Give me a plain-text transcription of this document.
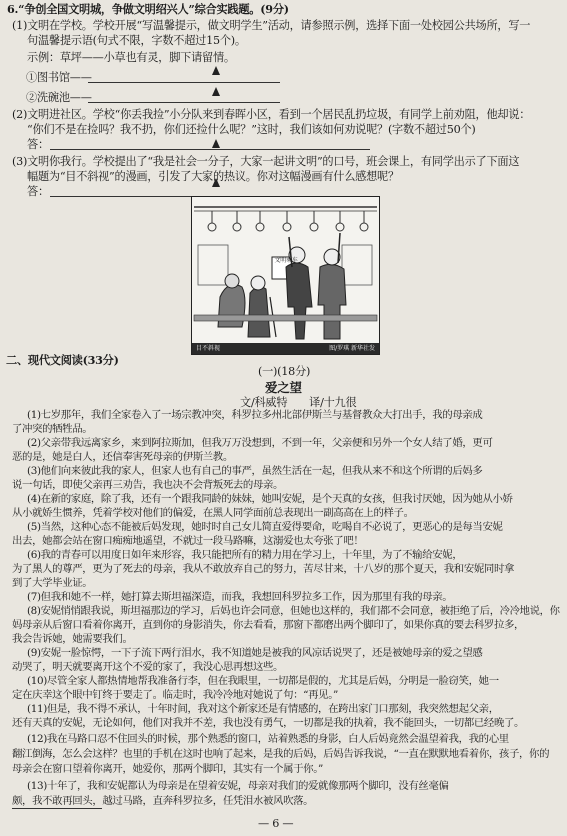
6.“争创全国文明城，争做文明绍兴人”综合实践题。(9分)
(1)文明在学校。学校开展“写温馨提示，做文明学生”活动，请参照示例，选择下面一处校园公共场所，写一
句温馨提示语(句式不限，字数不超过15个)。
示例：草坪——小草也有灵，脚下请留情。
①图书馆——
②洗碗池——
(2)文明进社区。学校“你丢我捡”小分队来到春晖小区，看到一个居民乱扔垃圾，有同学上前劝阻，他却说：
“你们不是在捡吗？我不扔，你们还捡什么呢？”这时，我们该如何劝说呢？(字数不超过50个)
答：
(3)文明你我行。学校提出了“我是社会一分子，大家一起讲文明”的口号，班会课上，有同学出示了下面这
幅题为“目不斜视”的漫画，引发了大家的热议。你对这幅漫画有什么感想呢？
答：
文明乘车
目不斜视	图/罗琪 新华社发
二、现代文阅读(33分)
(一)(18分)
爱之望
文/科威特　　译/十九很
(1)七岁那年，我们全家卷入了一场宗教冲突，科罗拉多州北部伊斯兰与基督教众大打出手，我的母亲成
了冲突的牺牲品。
(2)父亲带我远离家乡，来到阿拉斯加，但我万万没想到，不到一年，父亲便和另外一个女人结了婚，更可
恶的是，她是白人，还信奉害死母亲的伊斯兰教。
(3)他们向来彼此我的家人，但家人也有自己的事严，虽然生活在一起，但我从来不和这个所谓的后妈多
说一句话，即使父亲再三劝告，我也决不会背叛死去的母亲。
(4)在新的家庭，除了我，还有一个跟我同龄的妹妹，她叫安妮，是个天真的女孩，但我讨厌她，因为她从小娇
从小就娇生惯养，凭着学校对他们的偏爱，在黑人同学面前总表现出一副高高在上的样子。
(5)当然，这种心态不能被后妈发现，她时时自己女儿简直爱得要命，吃喝自不必说了，更恶心的是每当安妮
出去，她都会站在窗口痴痴地遥望，不就过一段马路嘛，这溺爱也太夸张了吧！
(6)我的青春可以用度日如年来形容，我只能把所有的精力用在学习上，十年里，为了不输给安妮，
为了黑人的尊严，更为了死去的母亲，我从不敢放弃自己的努力，苦尽甘来，十八岁的那个夏天，我和安妮同时拿
到了大学毕业证。
(7)但我和她不一样，她打算去斯坦福深造，而我，我想回科罗拉多工作，因为那里有我的母亲。
(8)安妮悄悄跟我说，斯坦福那边的学习，后妈也许会同意，但她也这样的，我们都不会同意，被拒绝了后，冷冷地说，你
妈母亲从后窗口看着你离开，直到你的身影消失，你去看看，那窗下都磨出两个脚印了，如果你真的要去科罗拉多，
我会告诉她，她需要我们。
(9)安妮一脸惊愕，一下子流下两行泪水，我不知道她是被我的风凉话说哭了，还是被她母亲的爱之望感
动哭了，明天就要离开这个不爱的家了，我没心思再想这些。
(10)尽管全家人都热情地帮我准备行李，但在我眼里，一切都是假的，尤其是后妈，分明是一脸窃笑，她一
定在庆幸这个眼中钉终于要走了。临走时，我冷冷地对她说了句：“再见。”
(11)但是，我不得不承认，十年时间，我对这个新家还是有情感的，在跨出家门口那刻，我突然想起父亲，
还有天真的安妮，无论如何，他们对我并不差，我也没有勇气，一切都是我的执着，我不能回头，一切都已经晚了。
(12)我在马路口忍不住回头的时候，那个熟悉的窗口，站着熟悉的身影，白人后妈竟然会温望着我，我的心里
翻江倒海，怎么会这样？也里的手机在这时也响了起来，是我的后妈，后妈告诉我说，“一直在默默地看着你，孩子，你的
母亲会在窗口望着你离开，她爱你，那两个脚印，其实有一个属于你。”
(13)十年了，我和安妮都认为母亲是在望着安妮，母亲对我们的爱就像那两个脚印，没有丝毫偏
颇，我不敢再回头，越过马路，直奔科罗拉多，任凭泪水被风吹落。
— 6 —
